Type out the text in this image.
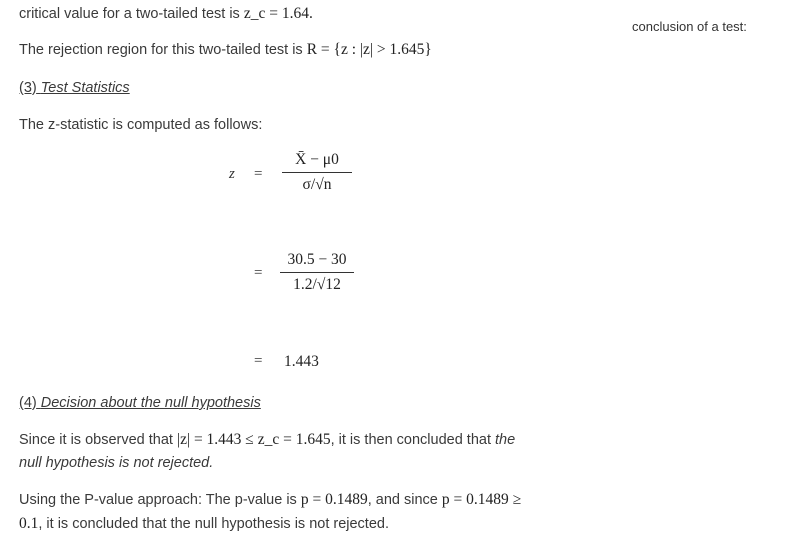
critical value for a two-tailed test is z_c = 1.64.
conclusion of a test:
The rejection region for this two-tailed test is R = {z : |z| > 1.645}
(3) Test Statistics
The z-statistic is computed as follows:
z =
X̄ − μ0
σ/√n
=
30.5 − 30
1.2/√12
= 1.443
(4) Decision about the null hypothesis
Since it is observed that |z| = 1.443 ≤ z_c = 1.645, it is then concluded that the
null hypothesis is not rejected.
Using the P-value approach: The p-value is p = 0.1489, and since p = 0.1489 ≥
0.1, it is concluded that the null hypothesis is not rejected.
